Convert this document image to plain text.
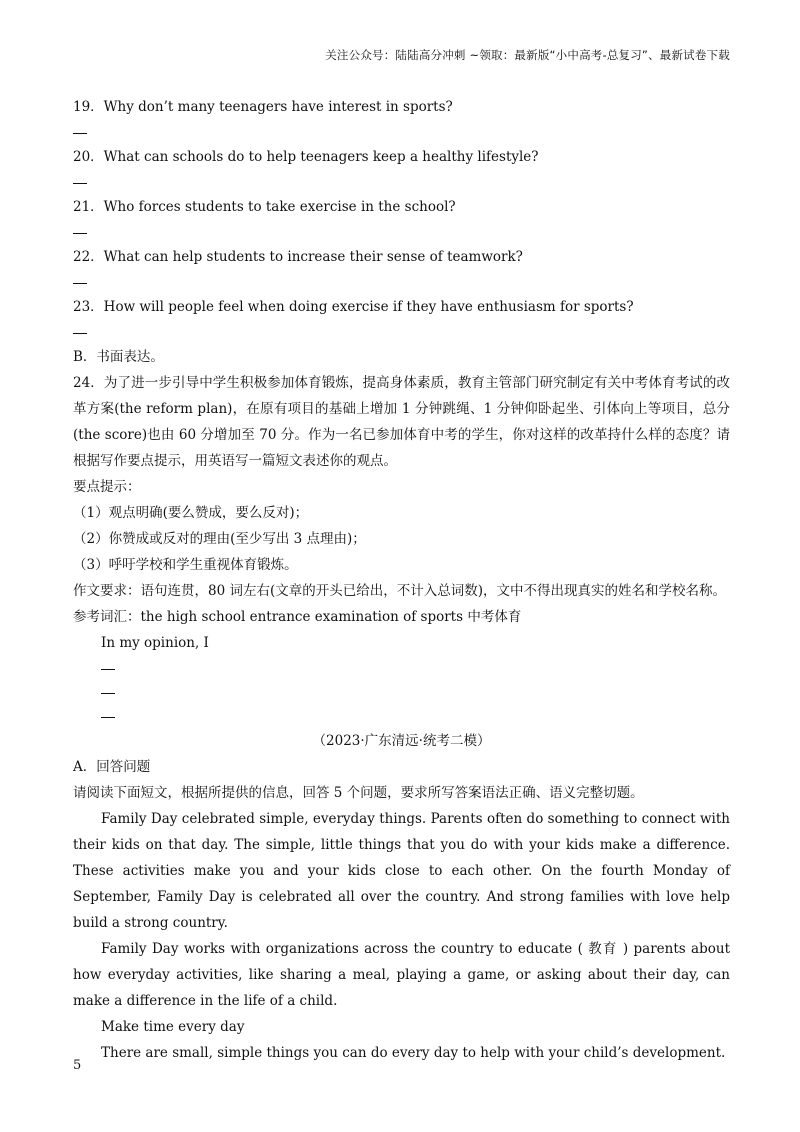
关注公众号：陆陆高分冲刺 ~领取：最新版“小中高考-总复习”、最新试卷下载
19．Why don’t many teenagers have interest in sports?
20．What can schools do to help teenagers keep a healthy lifestyle?
21．Who forces students to take exercise in the school?
22．What can help students to increase their sense of teamwork?
23．How will people feel when doing exercise if they have enthusiasm for sports?
B．书面表达。
24．为了进一步引导中学生积极参加体育锻炼，提高身体素质，教育主管部门研究制定有关中考体育考试的改革方案(the reform plan)，在原有项目的基础上增加 1 分钟跳绳、1 分钟仰卧起坐、引体向上等项目，总分(the score)也由 60 分增加至 70 分。作为一名已参加体育中考的学生，你对这样的改革持什么样的态度？请根据写作要点提示，用英语写一篇短文表述你的观点。
要点提示：
（1）观点明确(要么赞成，要么反对)；
（2）你赞成或反对的理由(至少写出 3 点理由)；
（3）呼吁学校和学生重视体育锻炼。
作文要求：语句连贯，80 词左右(文章的开头已给出，不计入总词数)，文中不得出现真实的姓名和学校名称。
参考词汇：the high school entrance examination of sports 中考体育
In my opinion, I
（2023·广东清远·统考二模）
A．回答问题
请阅读下面短文，根据所提供的信息，回答 5 个问题，要求所写答案语法正确、语义完整切题。
Family Day celebrated simple, everyday things. Parents often do something to connect with their kids on that day. The simple, little things that you do with your kids make a difference. These activities make you and your kids close to each other. On the fourth Monday of September, Family Day is celebrated all over the country. And strong families with love help build a strong country.
Family Day works with organizations across the country to educate ( 教育 ) parents about how everyday activities, like sharing a meal, playing a game, or asking about their day, can make a difference in the life of a child.
Make time every day
There are small, simple things you can do every day to help with your child’s development.
5
